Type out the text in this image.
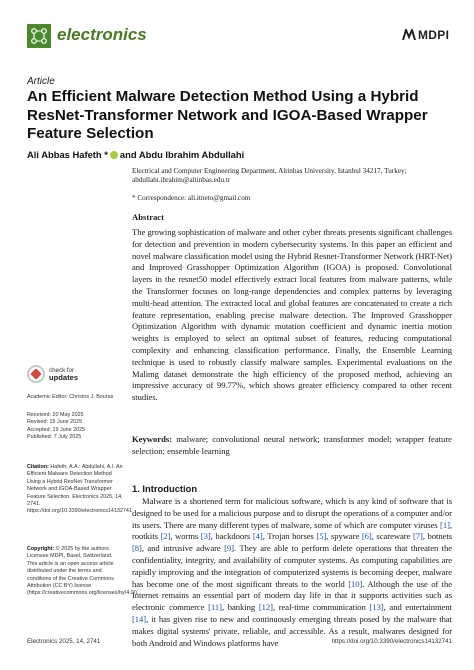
electronics	MDPI
Article
An Efficient Malware Detection Method Using a Hybrid ResNet-Transformer Network and IGOA-Based Wrapper Feature Selection
Ali Abbas Hafeth * and Abdu Ibrahim Abdullahi
Electrical and Computer Engineering Department, Altinbas University, Istanbul 34217, Turkey; abdullahi.ibrahim@altinbas.edu.tr
* Correspondence: ali.itneto@gmail.com
Abstract
The growing sophistication of malware and other cyber threats presents significant challenges for detection and prevention in modern cybersecurity systems. In this paper an efficient and novel malware classification model using the Hybrid Resnet-Transformer Network (HRT-Net) and Improved Grasshopper Optimization Algorithm (IGOA) is proposed. Convolutional layers in the resnet50 model effectively extract local features from malware patterns, while the Transformer focuses on long-range dependencies and complex patterns by leveraging multi-head attention. The extracted local and global features are concatenated to create a rich feature representation, enabling precise malware detection. The Improved Grasshopper Optimization Algorithm with dynamic mutation coefficient and dynamic inertia motion weights is employed to select an optimal subset of features, reducing computational complexity and enhancing classification performance. Finally, the Ensemble Learning technique is used to robustly classify malware samples. Experimental evaluations on the Malimg dataset demonstrate the high efficiency of the proposed method, achieving an impressive accuracy of 99.77%, which shows greater efficiency compared to other recent studies.
Keywords: malware; convolutional neural network; transformer model; wrapper feature selection; ensemble learning
1. Introduction
Malware is a shortened term for malicious software, which is any kind of software that is designed to be used for a malicious purpose and to disrupt the operations of a computer and/or its users. There are many different types of malware, some of which are computer viruses [1], rootkits [2], worms [3], backdoors [4], Trojan horses [5], spyware [6], scareware [7], botnets [8], and intrusive adware [9]. They are able to perform delete operations that threaten the confidentiality, integrity, and availability of computer systems. As computing capabilities are rapidly improving and the integration of computerized systems is becoming deeper, malware has become one of the most significant threats to the world [10]. Although the use of the Internet remains an essential part of modern day life in that it supports activities such as electronic commerce [11], banking [12], real-time communication [13], and entertainment [14], it has given rise to new and continuously emerging threats posed by the malware that makes digital systems' private, reliable, and accessible. As a result, malwares designed for both Android and Windows platforms have
check for
updates
Academic Editor: Christos J. Bouras
Received: 20 May 2025
Revised: 15 June 2025
Accepted: 19 June 2025
Published: 7 July 2025
Citation: Hafeth, A.A.; Abdullahi, A.I. An Efficient Malware Detection Method Using a Hybrid ResNet-Transformer Network and IGOA-Based Wrapper Feature Selection. Electronics 2025, 14, 2741. https://doi.org/10.3390/electronics14132741
Copyright: © 2025 by the authors. Licensee MDPI, Basel, Switzerland. This article is an open access article distributed under the terms and conditions of the Creative Commons Attribution (CC BY) license (https://creativecommons.org/licenses/by/4.0/).
Electronics 2025, 14, 2741	https://doi.org/10.3390/electronics14132741
